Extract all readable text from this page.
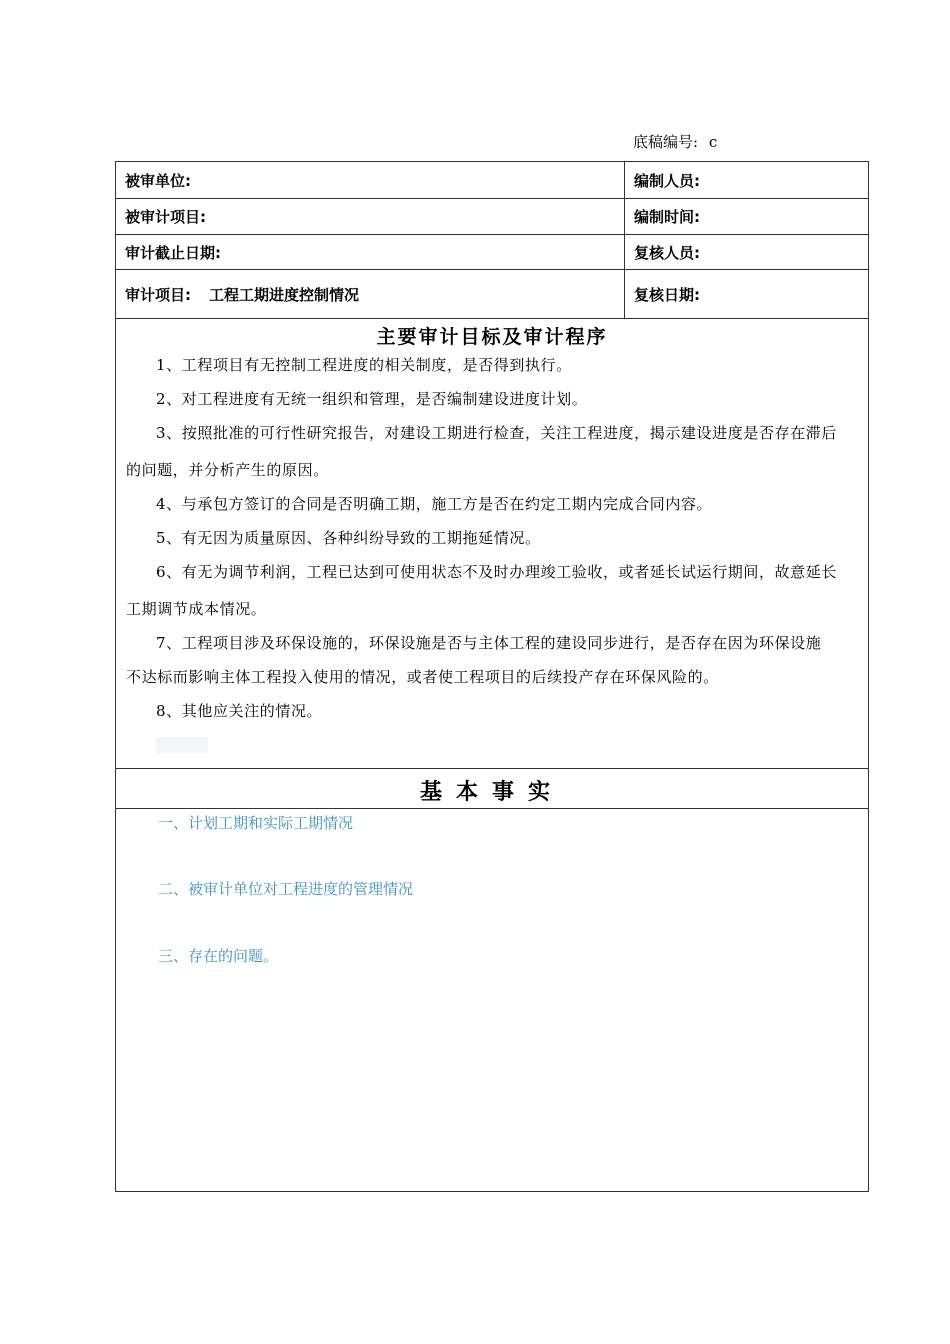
底稿编号: c
被审单位:	编制人员:
被审计项目:	编制时间:
审计截止日期:	复核人员:
审计项目: 工程工期进度控制情况	复核日期:
主要审计目标及审计程序
1、工程项目有无控制工程进度的相关制度，是否得到执行。
2、对工程进度有无统一组织和管理，是否编制建设进度计划。
3、按照批准的可行性研究报告，对建设工期进行检查，关注工程进度，揭示建设进度是否存在滞后
的问题，并分析产生的原因。
4、与承包方签订的合同是否明确工期，施工方是否在约定工期内完成合同内容。
5、有无因为质量原因、各种纠纷导致的工期拖延情况。
6、有无为调节利润，工程已达到可使用状态不及时办理竣工验收，或者延长试运行期间，故意延长
工期调节成本情况。
7、工程项目涉及环保设施的，环保设施是否与主体工程的建设同步进行，是否存在因为环保设施
不达标而影响主体工程投入使用的情况，或者使工程项目的后续投产存在环保风险的。
8、其他应关注的情况。
基本事实
一、计划工期和实际工期情况
二、被审计单位对工程进度的管理情况
三、存在的问题。
